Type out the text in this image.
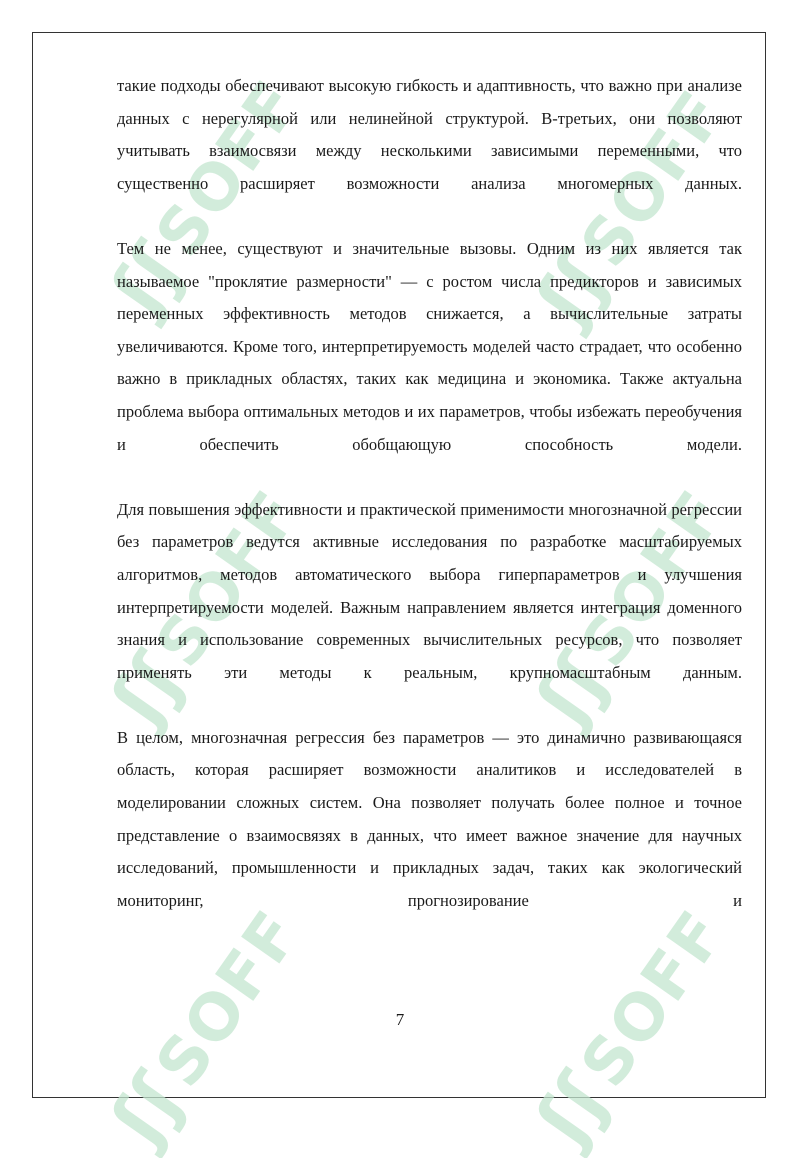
ʃʃSOFF
ʃʃSOFF
ʃʃSOFF
ʃʃSOFF
ʃʃSOFF
ʃʃSOFF

такие подходы обеспечивают высокую гибкость и адаптивность, что важно при анализе данных с нерегулярной или нелинейной структурой. В-третьих, они позволяют учитывать взаимосвязи между несколькими зависимыми переменными, что существенно расширяет возможности анализа многомерных данных.

Тем не менее, существуют и значительные вызовы. Одним из них является так называемое "проклятие размерности" — с ростом числа предикторов и зависимых переменных эффективность методов снижается, а вычислительные затраты увеличиваются. Кроме того, интерпретируемость моделей часто страдает, что особенно важно в прикладных областях, таких как медицина и экономика. Также актуальна проблема выбора оптимальных методов и их параметров, чтобы избежать переобучения и обеспечить обобщающую способность модели.

Для повышения эффективности и практической применимости многозначной регрессии без параметров ведутся активные исследования по разработке масштабируемых алгоритмов, методов автоматического выбора гиперпараметров и улучшения интерпретируемости моделей. Важным направлением является интеграция доменного знания и использование современных вычислительных ресурсов, что позволяет применять эти методы к реальным, крупномасштабным данным.

В целом, многозначная регрессия без параметров — это динамично развивающаяся область, которая расширяет возможности аналитиков и исследователей в моделировании сложных систем. Она позволяет получать более полное и точное представление о взаимосвязях в данных, что имеет важное значение для научных исследований, промышленности и прикладных задач, таких как экологический мониторинг, прогнозирование и

7
